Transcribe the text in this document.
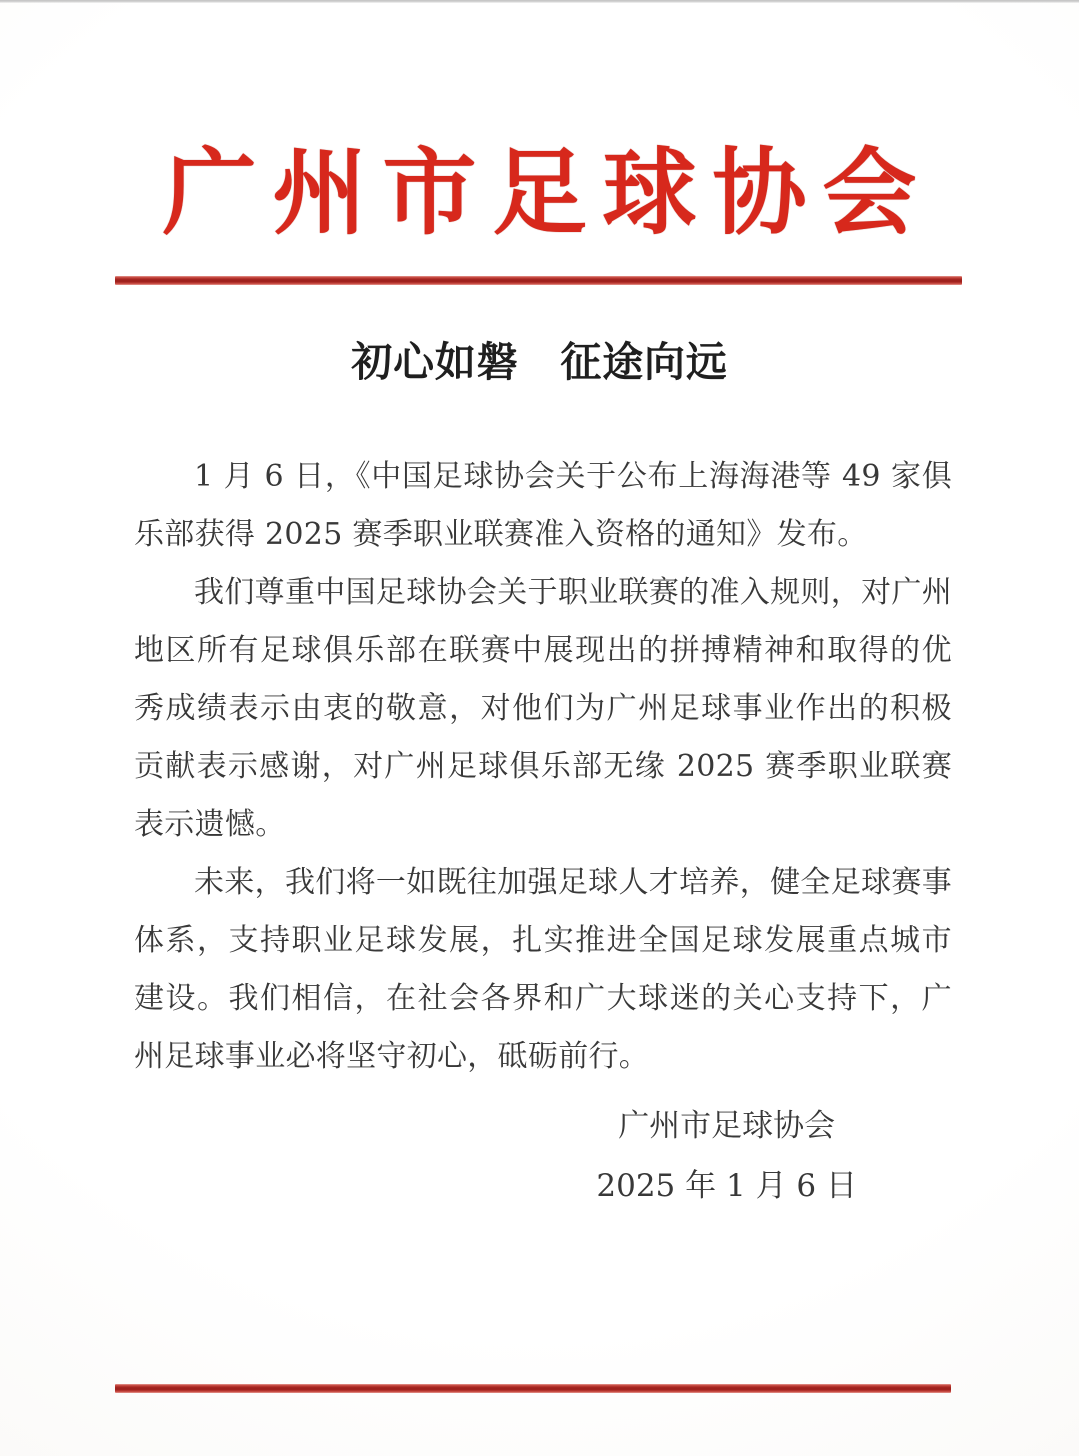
广州市足球协会
初心如磐　征途向远

1 月 6 日，《中国足球协会关于公布上海海港等 49 家俱乐部获得 2025 赛季职业联赛准入资格的通知》发布。

我们尊重中国足球协会关于职业联赛的准入规则，对广州地区所有足球俱乐部在联赛中展现出的拼搏精神和取得的优秀成绩表示由衷的敬意，对他们为广州足球事业作出的积极贡献表示感谢，对广州足球俱乐部无缘 2025 赛季职业联赛表示遗憾。

未来，我们将一如既往加强足球人才培养，健全足球赛事体系，支持职业足球发展，扎实推进全国足球发展重点城市建设。我们相信，在社会各界和广大球迷的关心支持下，广州足球事业必将坚守初心，砥砺前行。

广州市足球协会
2025 年 1 月 6 日
